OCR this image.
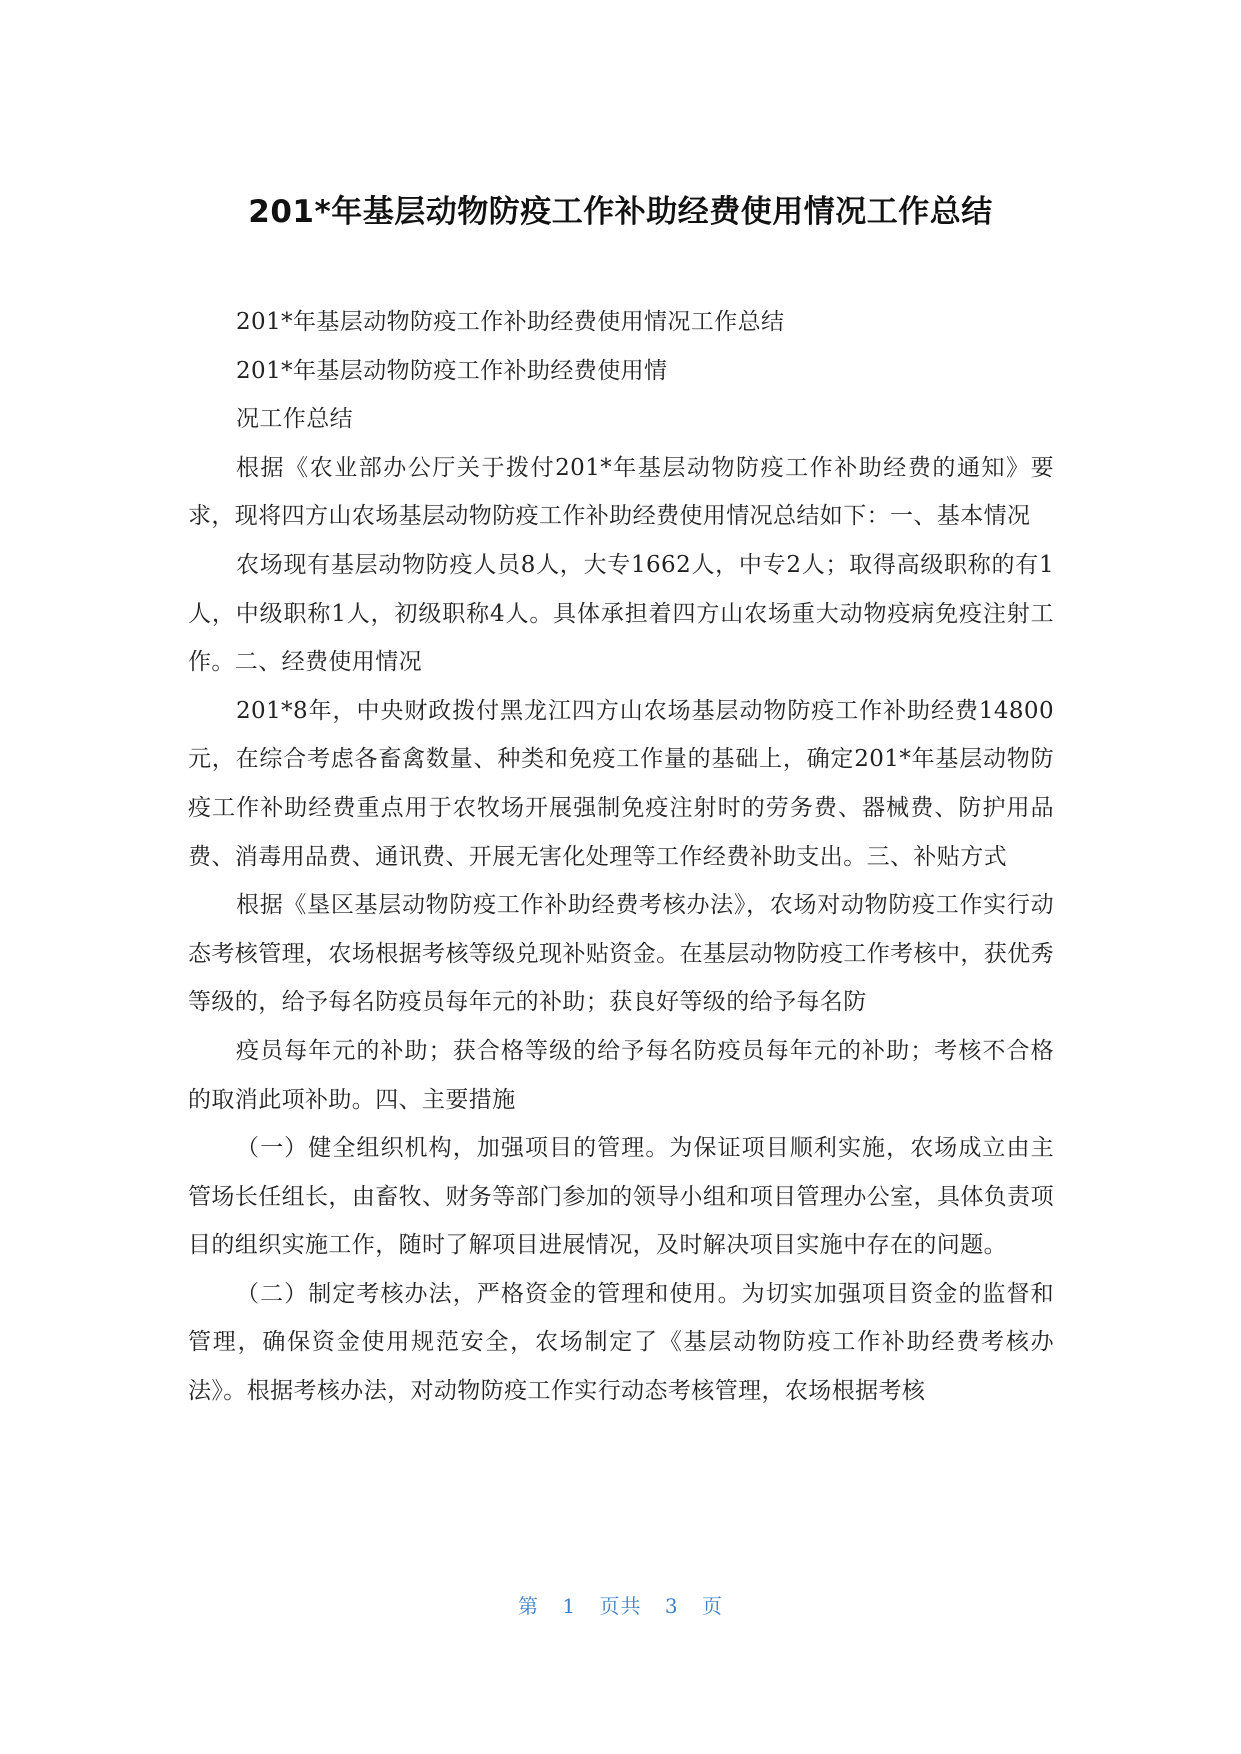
201*年基层动物防疫工作补助经费使用情况工作总结

201*年基层动物防疫工作补助经费使用情况工作总结

201*年基层动物防疫工作补助经费使用情

况工作总结

根据《农业部办公厅关于拨付201*年基层动物防疫工作补助经费的通知》要求，现将四方山农场基层动物防疫工作补助经费使用情况总结如下：一、基本情况

农场现有基层动物防疫人员8人，大专1662人，中专2人；取得高级职称的有1人，中级职称1人，初级职称4人。具体承担着四方山农场重大动物疫病免疫注射工作。二、经费使用情况

201*8年，中央财政拨付黑龙江四方山农场基层动物防疫工作补助经费14800元，在综合考虑各畜禽数量、种类和免疫工作量的基础上，确定201*年基层动物防疫工作补助经费重点用于农牧场开展强制免疫注射时的劳务费、器械费、防护用品费、消毒用品费、通讯费、开展无害化处理等工作经费补助支出。三、补贴方式

根据《垦区基层动物防疫工作补助经费考核办法》，农场对动物防疫工作实行动态考核管理，农场根据考核等级兑现补贴资金。在基层动物防疫工作考核中，获优秀等级的，给予每名防疫员每年元的补助；获良好等级的给予每名防

疫员每年元的补助；获合格等级的给予每名防疫员每年元的补助；考核不合格的取消此项补助。四、主要措施

（一）健全组织机构，加强项目的管理。为保证项目顺利实施，农场成立由主管场长任组长，由畜牧、财务等部门参加的领导小组和项目管理办公室，具体负责项目的组织实施工作，随时了解项目进展情况，及时解决项目实施中存在的问题。

（二）制定考核办法，严格资金的管理和使用。为切实加强项目资金的监督和管理，确保资金使用规范安全，农场制定了《基层动物防疫工作补助经费考核办法》。根据考核办法，对动物防疫工作实行动态考核管理，农场根据考核

第 1 页共 3 页
